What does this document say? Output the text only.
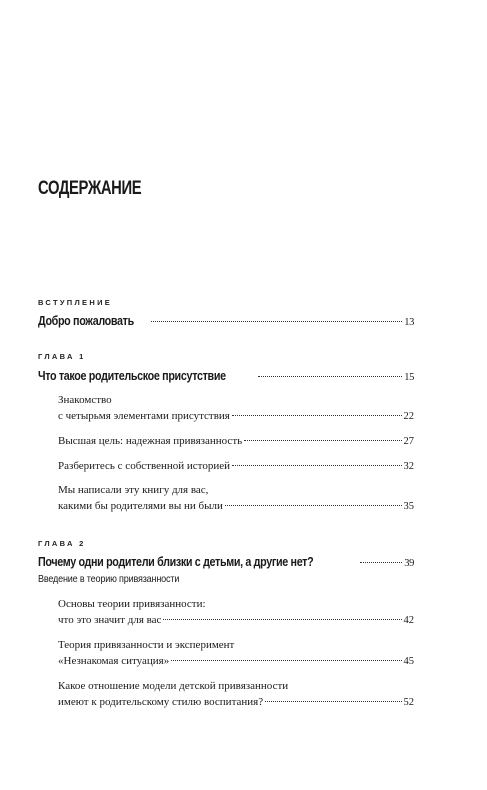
СОДЕРЖАНИЕ
ВСТУПЛЕНИЕ
Добро пожаловать	13
ГЛАВА 1
Что такое родительское присутствие	15
Знакомство
с четырьмя элементами присутствия	22
Высшая цель: надежная привязанность	27
Разберитесь с собственной историей	32
Мы написали эту книгу для вас,
какими бы родителями вы ни были	35
ГЛАВА 2
Почему одни родители близки с детьми, а другие нет?	39
Введение в теорию привязанности
Основы теории привязанности:
что это значит для вас	42
Теория привязанности и эксперимент
«Незнакомая ситуация»	45
Какое отношение модели детской привязанности
имеют к родительскому стилю воспитания?	52
